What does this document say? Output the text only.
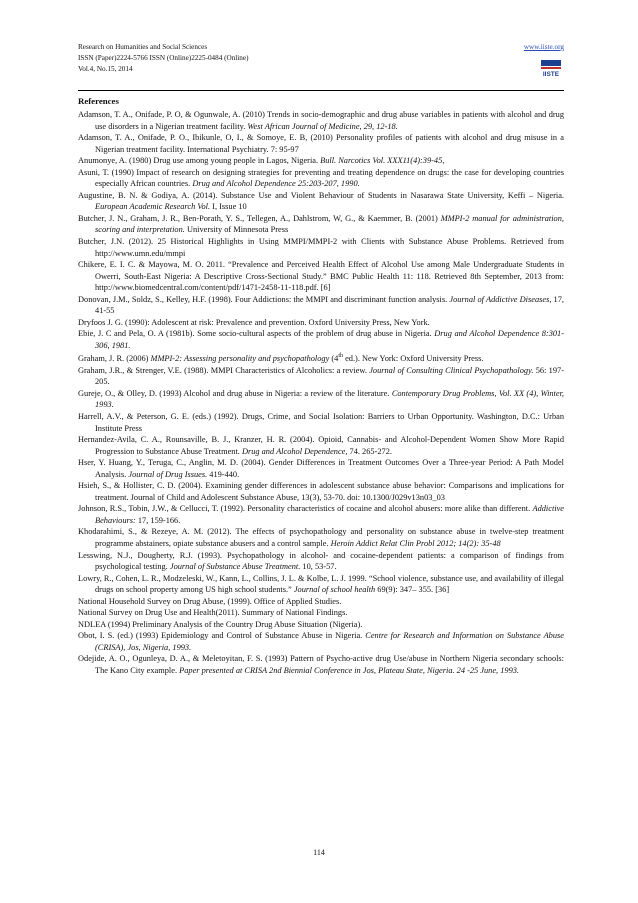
Research on Humanities and Social Sciences
ISSN (Paper)2224-5766 ISSN (Online)2225-0484 (Online)
Vol.4, No.15, 2014
www.iiste.org
IISTE
References
Adamson, T. A., Onifade, P. O, & Ogunwale, A. (2010) Trends in socio-demographic and drug abuse variables in patients with alcohol and drug use disorders in a Nigerian treatment facility. West African Journal of Medicine, 29, 12-18.
Adamson, T. A., Onifade, P. O., Ibikunle, O, I., & Somoye, E. B, (2010) Personality profiles of patients with alcohol and drug misuse in a Nigerian treatment facility. International Psychiatry. 7: 95-97
Anumonye, A. (1980) Drug use among young people in Lagos, Nigeria. Bull. Narcotics Vol. XXX11(4):39-45,
Asuni, T. (1990) Impact of research on designing strategies for preventing and treating dependence on drugs: the case for developing countries especially African countries. Drug and Alcohol Dependence 25:203-207, 1990.
Augustine, B. N. & Godiya, A. (2014). Substance Use and Violent Behaviour of Students in Nasarawa State University, Keffi – Nigeria. European Academic Research Vol. I, Issue 10
Butcher, J. N., Graham, J. R., Ben-Porath, Y. S., Tellegen, A., Dahlstrom, W, G., & Kaemmer, B. (2001) MMPI-2 manual for administration, scoring and interpretation. University of Minnesota Press
Butcher, J.N. (2012). 25 Historical Highlights in Using MMPI/MMPI-2 with Clients with Substance Abuse Problems. Retrieved from http://www.umn.edu/mmpi
Chikere, E. I. C. & Mayowa, M. O. 2011. “Prevalence and Perceived Health Effect of Alcohol Use among Male Undergraduate Students in Owerri, South-East Nigeria: A Descriptive Cross-Sectional Study.” BMC Public Health 11: 118. Retrieved 8th September, 2013 from: http://www.biomedcentral.com/content/pdf/1471-2458-11-118.pdf. [6]
Donovan, J.M., Soldz, S., Kelley, H.F. (1998). Four Addictions: the MMPI and discriminant function analysis. Journal of Addictive Diseases, 17, 41-55
Dryfoos J. G. (1990): Adolescent at risk: Prevalence and prevention. Oxford University Press, New York.
Ebie, J. C and Pela, O. A (1981b). Some socio-cultural aspects of the problem of drug abuse in Nigeria. Drug and Alcohol Dependence 8:301-306, 1981.
Graham, J. R. (2006) MMPI-2: Assessing personality and psychopathology (4th ed.). New York: Oxford University Press.
Graham, J.R., & Strenger, V.E. (1988). MMPI Characteristics of Alcoholics: a review. Journal of Consulting Clinical Psychopathology. 56: 197-205.
Gureje, O., & Olley, D. (1993) Alcohol and drug abuse in Nigeria: a review of the literature. Contemporary Drug Problems, Vol. XX (4), Winter, 1993.
Harrell, A.V., & Peterson, G. E. (eds.) (1992). Drugs, Crime, and Social Isolation: Barriers to Urban Opportunity. Washington, D.C.: Urban Institute Press
Hernandez-Avila, C. A., Rounsaville, B. J., Kranzer, H. R. (2004). Opioid, Cannabis- and Alcohol-Dependent Women Show More Rapid Progression to Substance Abuse Treatment. Drug and Alcohol Dependence, 74. 265-272.
Hser, Y. Huang, Y., Teruga, C., Anglin, M. D. (2004). Gender Differences in Treatment Outcomes Over a Three-year Period: A Path Model Analysis. Journal of Drug Issues. 419-440.
Hsieh, S., & Hollister, C. D. (2004). Examining gender differences in adolescent substance abuse behavior: Comparisons and implications for treatment. Journal of Child and Adolescent Substance Abuse, 13(3), 53-70. doi: 10.1300/J029v13n03_03
Johnson, R.S., Tobin, J.W., & Cellucci, T. (1992). Personality characteristics of cocaine and alcohol abusers: more alike than different. Addictive Behaviours: 17, 159-166.
Khodarahimi, S., & Rezeye, A. M. (2012). The effects of psychopathology and personality on substance abuse in twelve-step treatment programme abstainers, opiate substance abusers and a control sample. Heroin Addict Relat Clin Probl 2012; 14(2): 35-48
Lesswing, N.J., Dougherty, R.J. (1993). Psychopathology in alcohol- and cocaine-dependent patients: a comparison of findings from psychological testing. Journal of Substance Abuse Treatment. 10, 53-57.
Lowry, R., Cohen, L. R., Modzeleski, W., Kann, L., Collins, J. L. & Kolbe, L. J. 1999. “School violence, substance use, and availability of illegal drugs on school property among US high school students.” Journal of school health 69(9): 347– 355. [36]
National Household Survey on Drug Abuse, (1999). Office of Applied Studies.
National Survey on Drug Use and Health(2011). Summary of National Findings.
NDLEA (1994) Preliminary Analysis of the Country Drug Abuse Situation (Nigeria).
Obot, I. S. (ed.) (1993) Epidemiology and Control of Substance Abuse in Nigeria. Centre for Research and Information on Substance Abuse (CRISA), Jos, Nigeria, 1993.
Odejide, A. O., Ogunleya, D. A., & Meletoyitan, F. S. (1993) Pattern of Psycho-active drug Use/abuse in Northern Nigeria secondary schools: The Kano City example. Paper presented at CRISA 2nd Biennial Conference in Jos, Plateau State, Nigeria. 24 -25 June, 1993.
114
